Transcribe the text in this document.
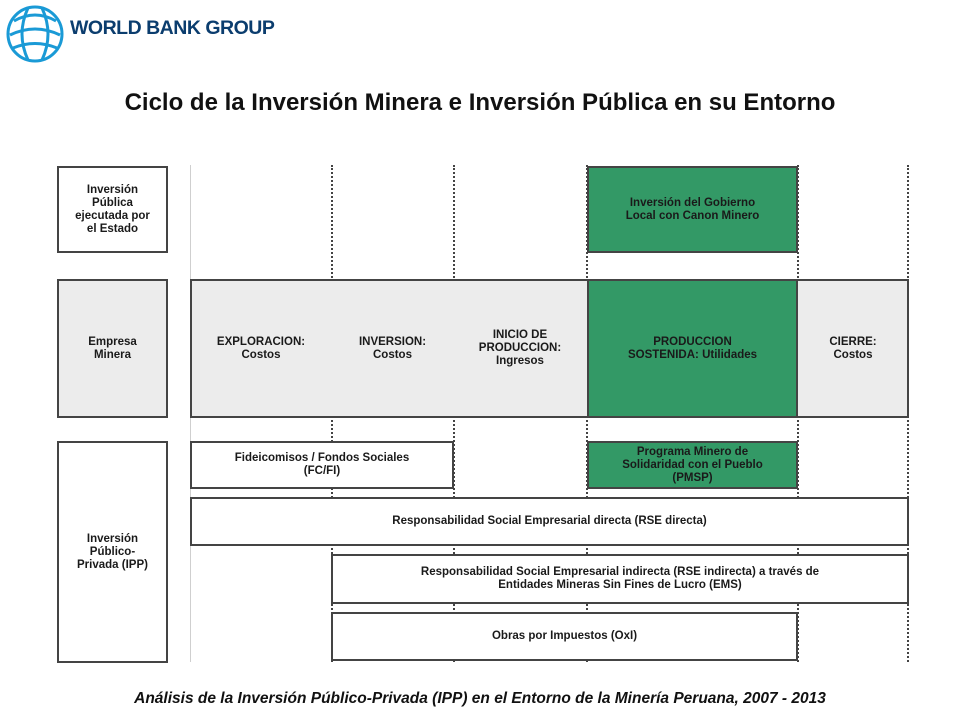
WORLD BANK GROUP
Ciclo de la Inversión Minera e Inversión Pública en su Entorno
Inversión
Pública
ejecutada por
el Estado
Empresa
Minera
Inversión
Público-
Privada (IPP)
Inversión del Gobierno
Local con Canon Minero
EXPLORACION:
Costos
INVERSION:
Costos
INICIO DE
PRODUCCION:
Ingresos
PRODUCCION
SOSTENIDA: Utilidades
CIERRE:
Costos
Fideicomisos / Fondos Sociales
(FC/FI)
Programa Minero de
Solidaridad con el Pueblo
(PMSP)
Responsabilidad Social Empresarial directa (RSE directa)
Responsabilidad Social Empresarial indirecta (RSE indirecta) a través de
Entidades Mineras Sin Fines de Lucro (EMS)
Obras por Impuestos (OxI)
Análisis de la Inversión Público-Privada (IPP) en el Entorno de la Minería Peruana, 2007 - 2013
